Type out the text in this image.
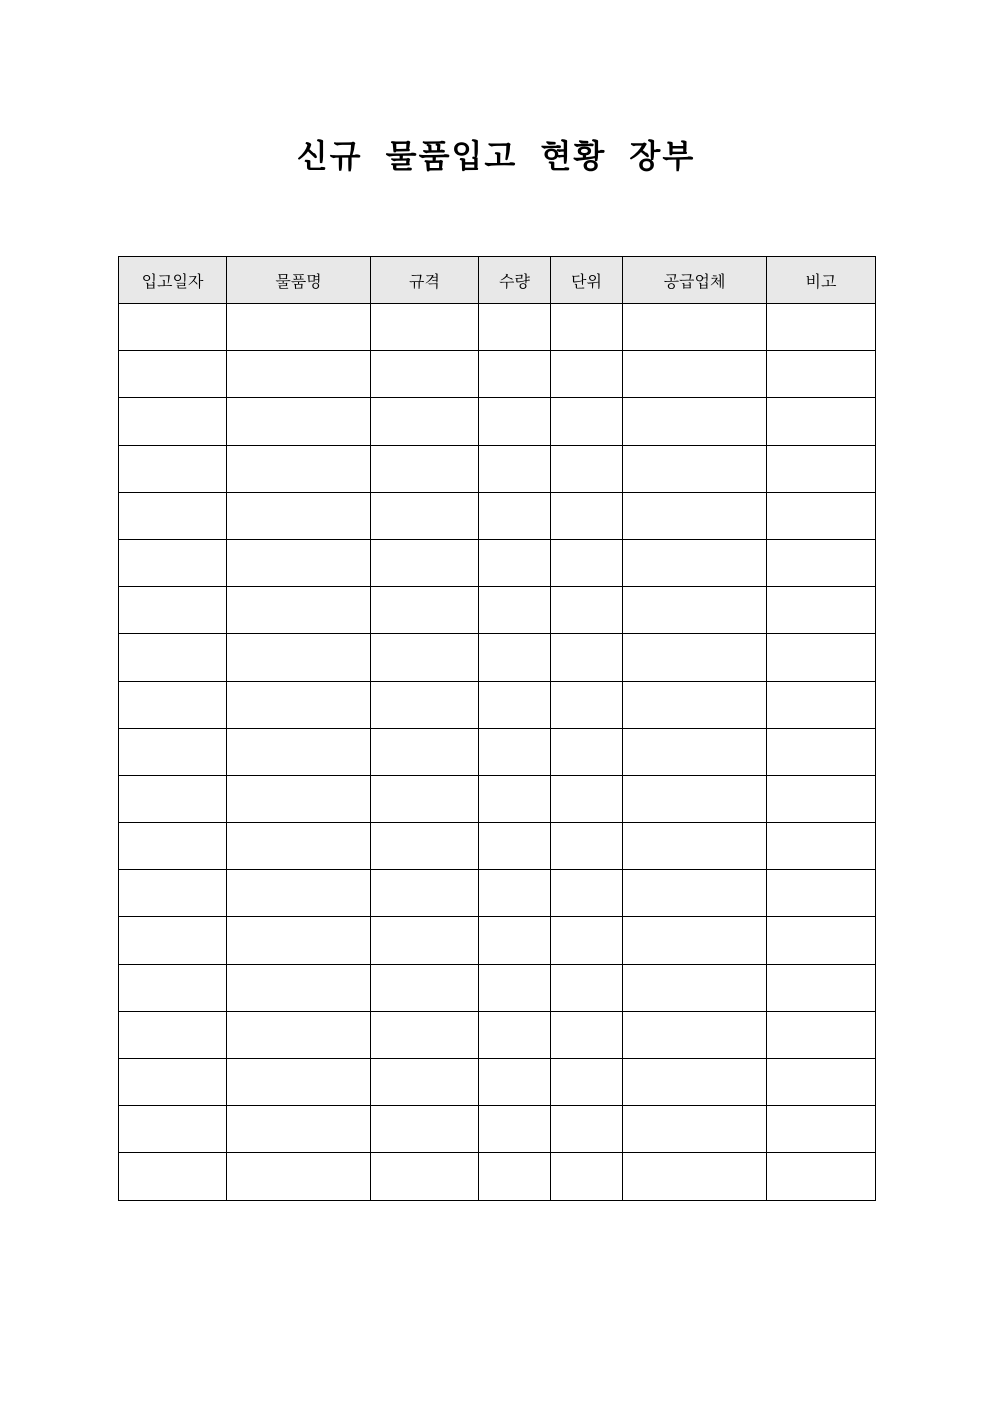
신규 물품입고 현황 장부
입고일자	물품명	규격	수량	단위	공급업체	비고
